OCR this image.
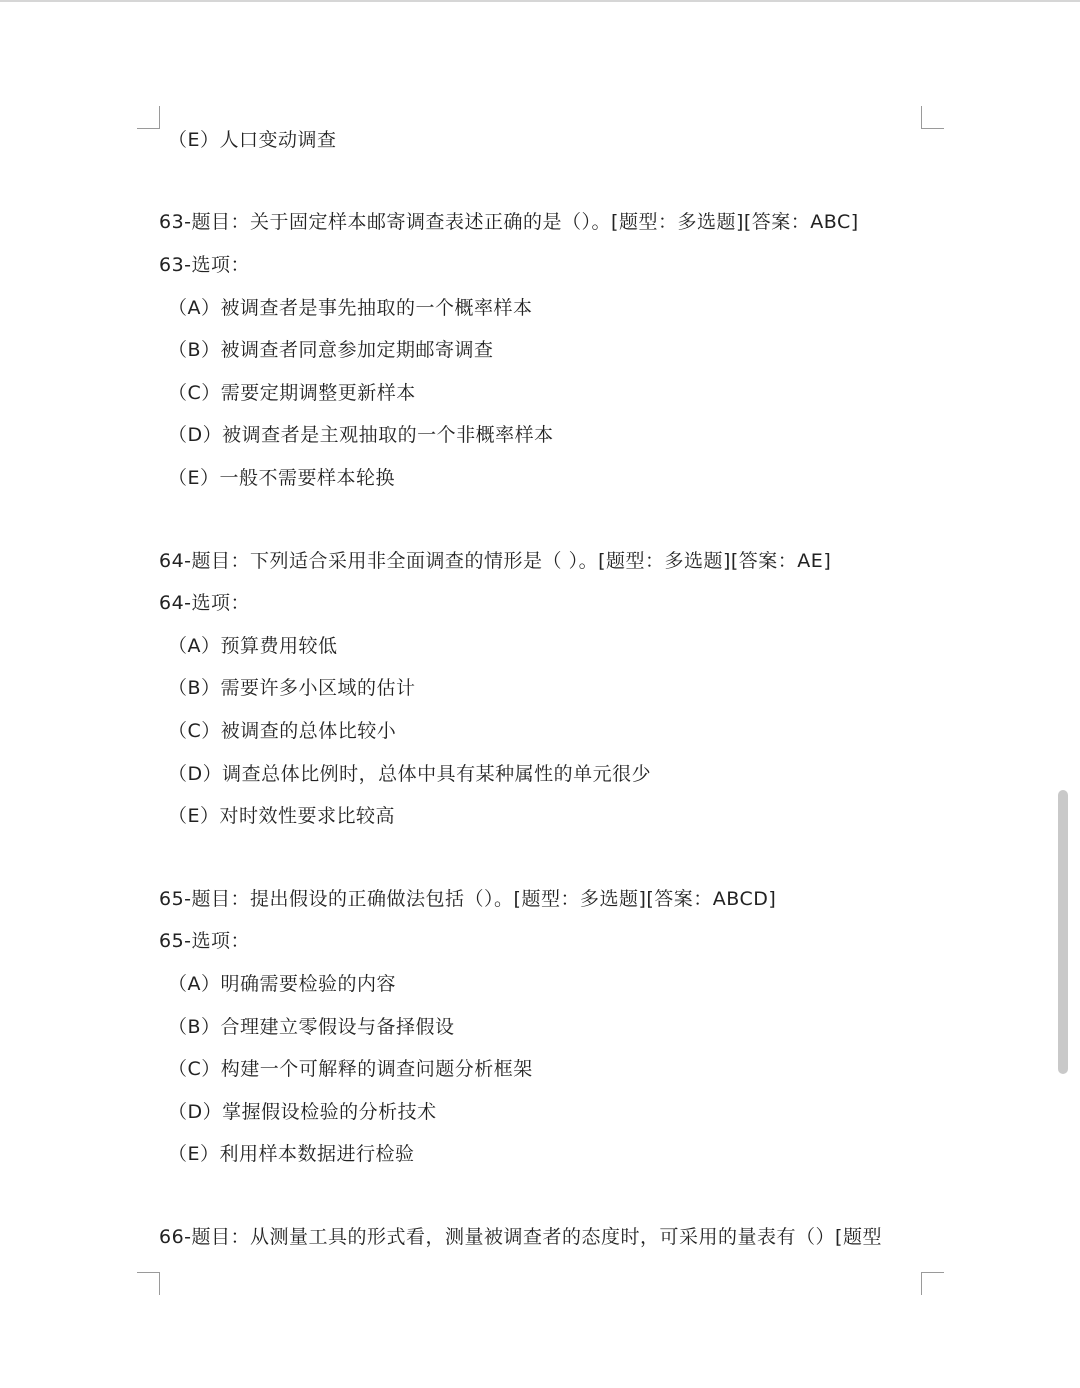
（E）人口变动调查
63-题目：关于固定样本邮寄调查表述正确的是（）。[题型：多选题][答案：ABC]
63-选项：
（A）被调查者是事先抽取的一个概率样本
（B）被调查者同意参加定期邮寄调查
（C）需要定期调整更新样本
（D）被调查者是主观抽取的一个非概率样本
（E）一般不需要样本轮换
64-题目：下列适合采用非全面调查的情形是（ ）。[题型：多选题][答案：AE]
64-选项：
（A）预算费用较低
（B）需要许多小区域的估计
（C）被调查的总体比较小
（D）调查总体比例时，总体中具有某种属性的单元很少
（E）对时效性要求比较高
65-题目：提出假设的正确做法包括（）。[题型：多选题][答案：ABCD]
65-选项：
（A）明确需要检验的内容
（B）合理建立零假设与备择假设
（C）构建一个可解释的调查问题分析框架
（D）掌握假设检验的分析技术
（E）利用样本数据进行检验
66-题目：从测量工具的形式看，测量被调查者的态度时，可采用的量表有（）[题型
